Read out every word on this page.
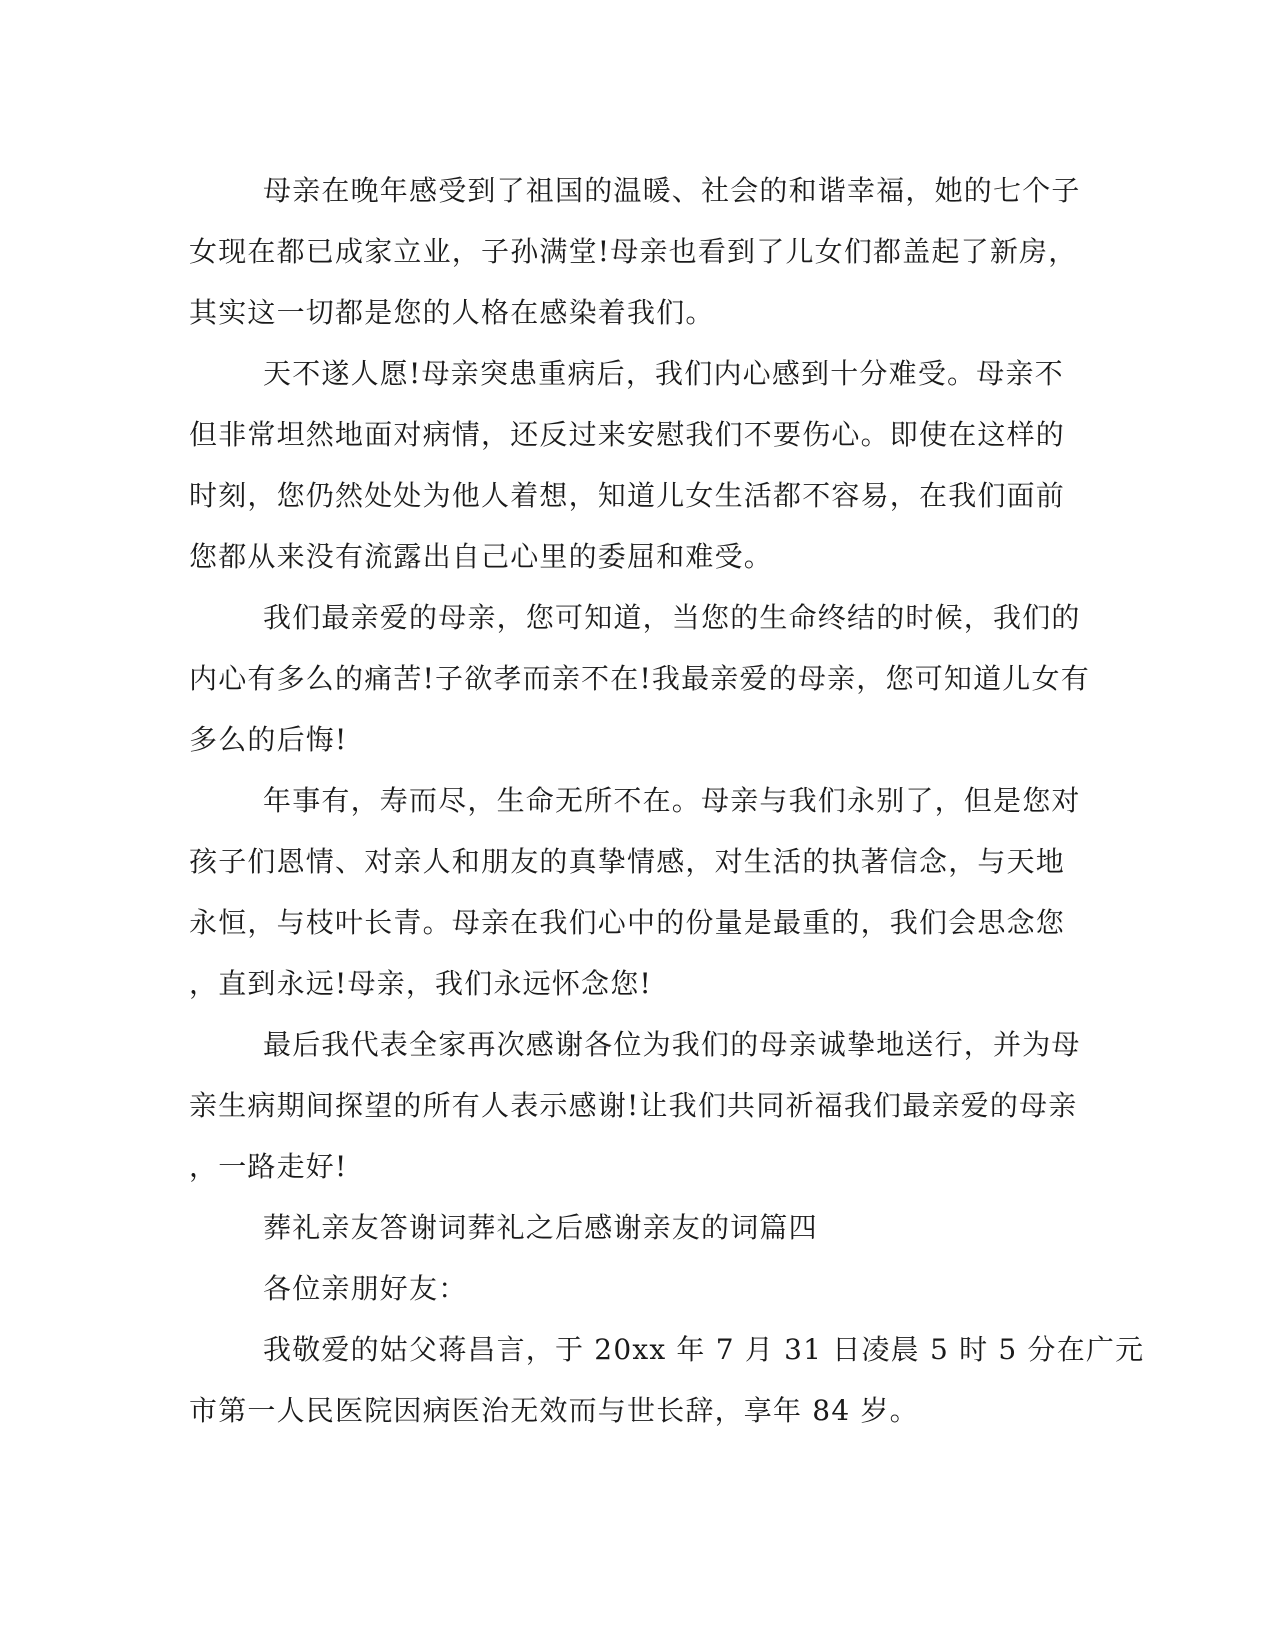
母亲在晚年感受到了祖国的温暖、社会的和谐幸福，她的七个子
女现在都已成家立业，子孙满堂!母亲也看到了儿女们都盖起了新房，
其实这一切都是您的人格在感染着我们。
天不遂人愿!母亲突患重病后，我们内心感到十分难受。母亲不
但非常坦然地面对病情，还反过来安慰我们不要伤心。即使在这样的
时刻，您仍然处处为他人着想，知道儿女生活都不容易，在我们面前
您都从来没有流露出自己心里的委屈和难受。
我们最亲爱的母亲，您可知道，当您的生命终结的时候，我们的
内心有多么的痛苦!子欲孝而亲不在!我最亲爱的母亲，您可知道儿女有
多么的后悔!
年事有，寿而尽，生命无所不在。母亲与我们永别了，但是您对
孩子们恩情、对亲人和朋友的真挚情感，对生活的执著信念，与天地
永恒，与枝叶长青。母亲在我们心中的份量是最重的，我们会思念您
，直到永远!母亲，我们永远怀念您!
最后我代表全家再次感谢各位为我们的母亲诚挚地送行，并为母
亲生病期间探望的所有人表示感谢!让我们共同祈福我们最亲爱的母亲
，一路走好!
葬礼亲友答谢词葬礼之后感谢亲友的词篇四
各位亲朋好友：
我敬爱的姑父蒋昌言，于 20xx 年 7 月 31 日凌晨 5 时 5 分在广元
市第一人民医院因病医治无效而与世长辞，享年 84 岁。
